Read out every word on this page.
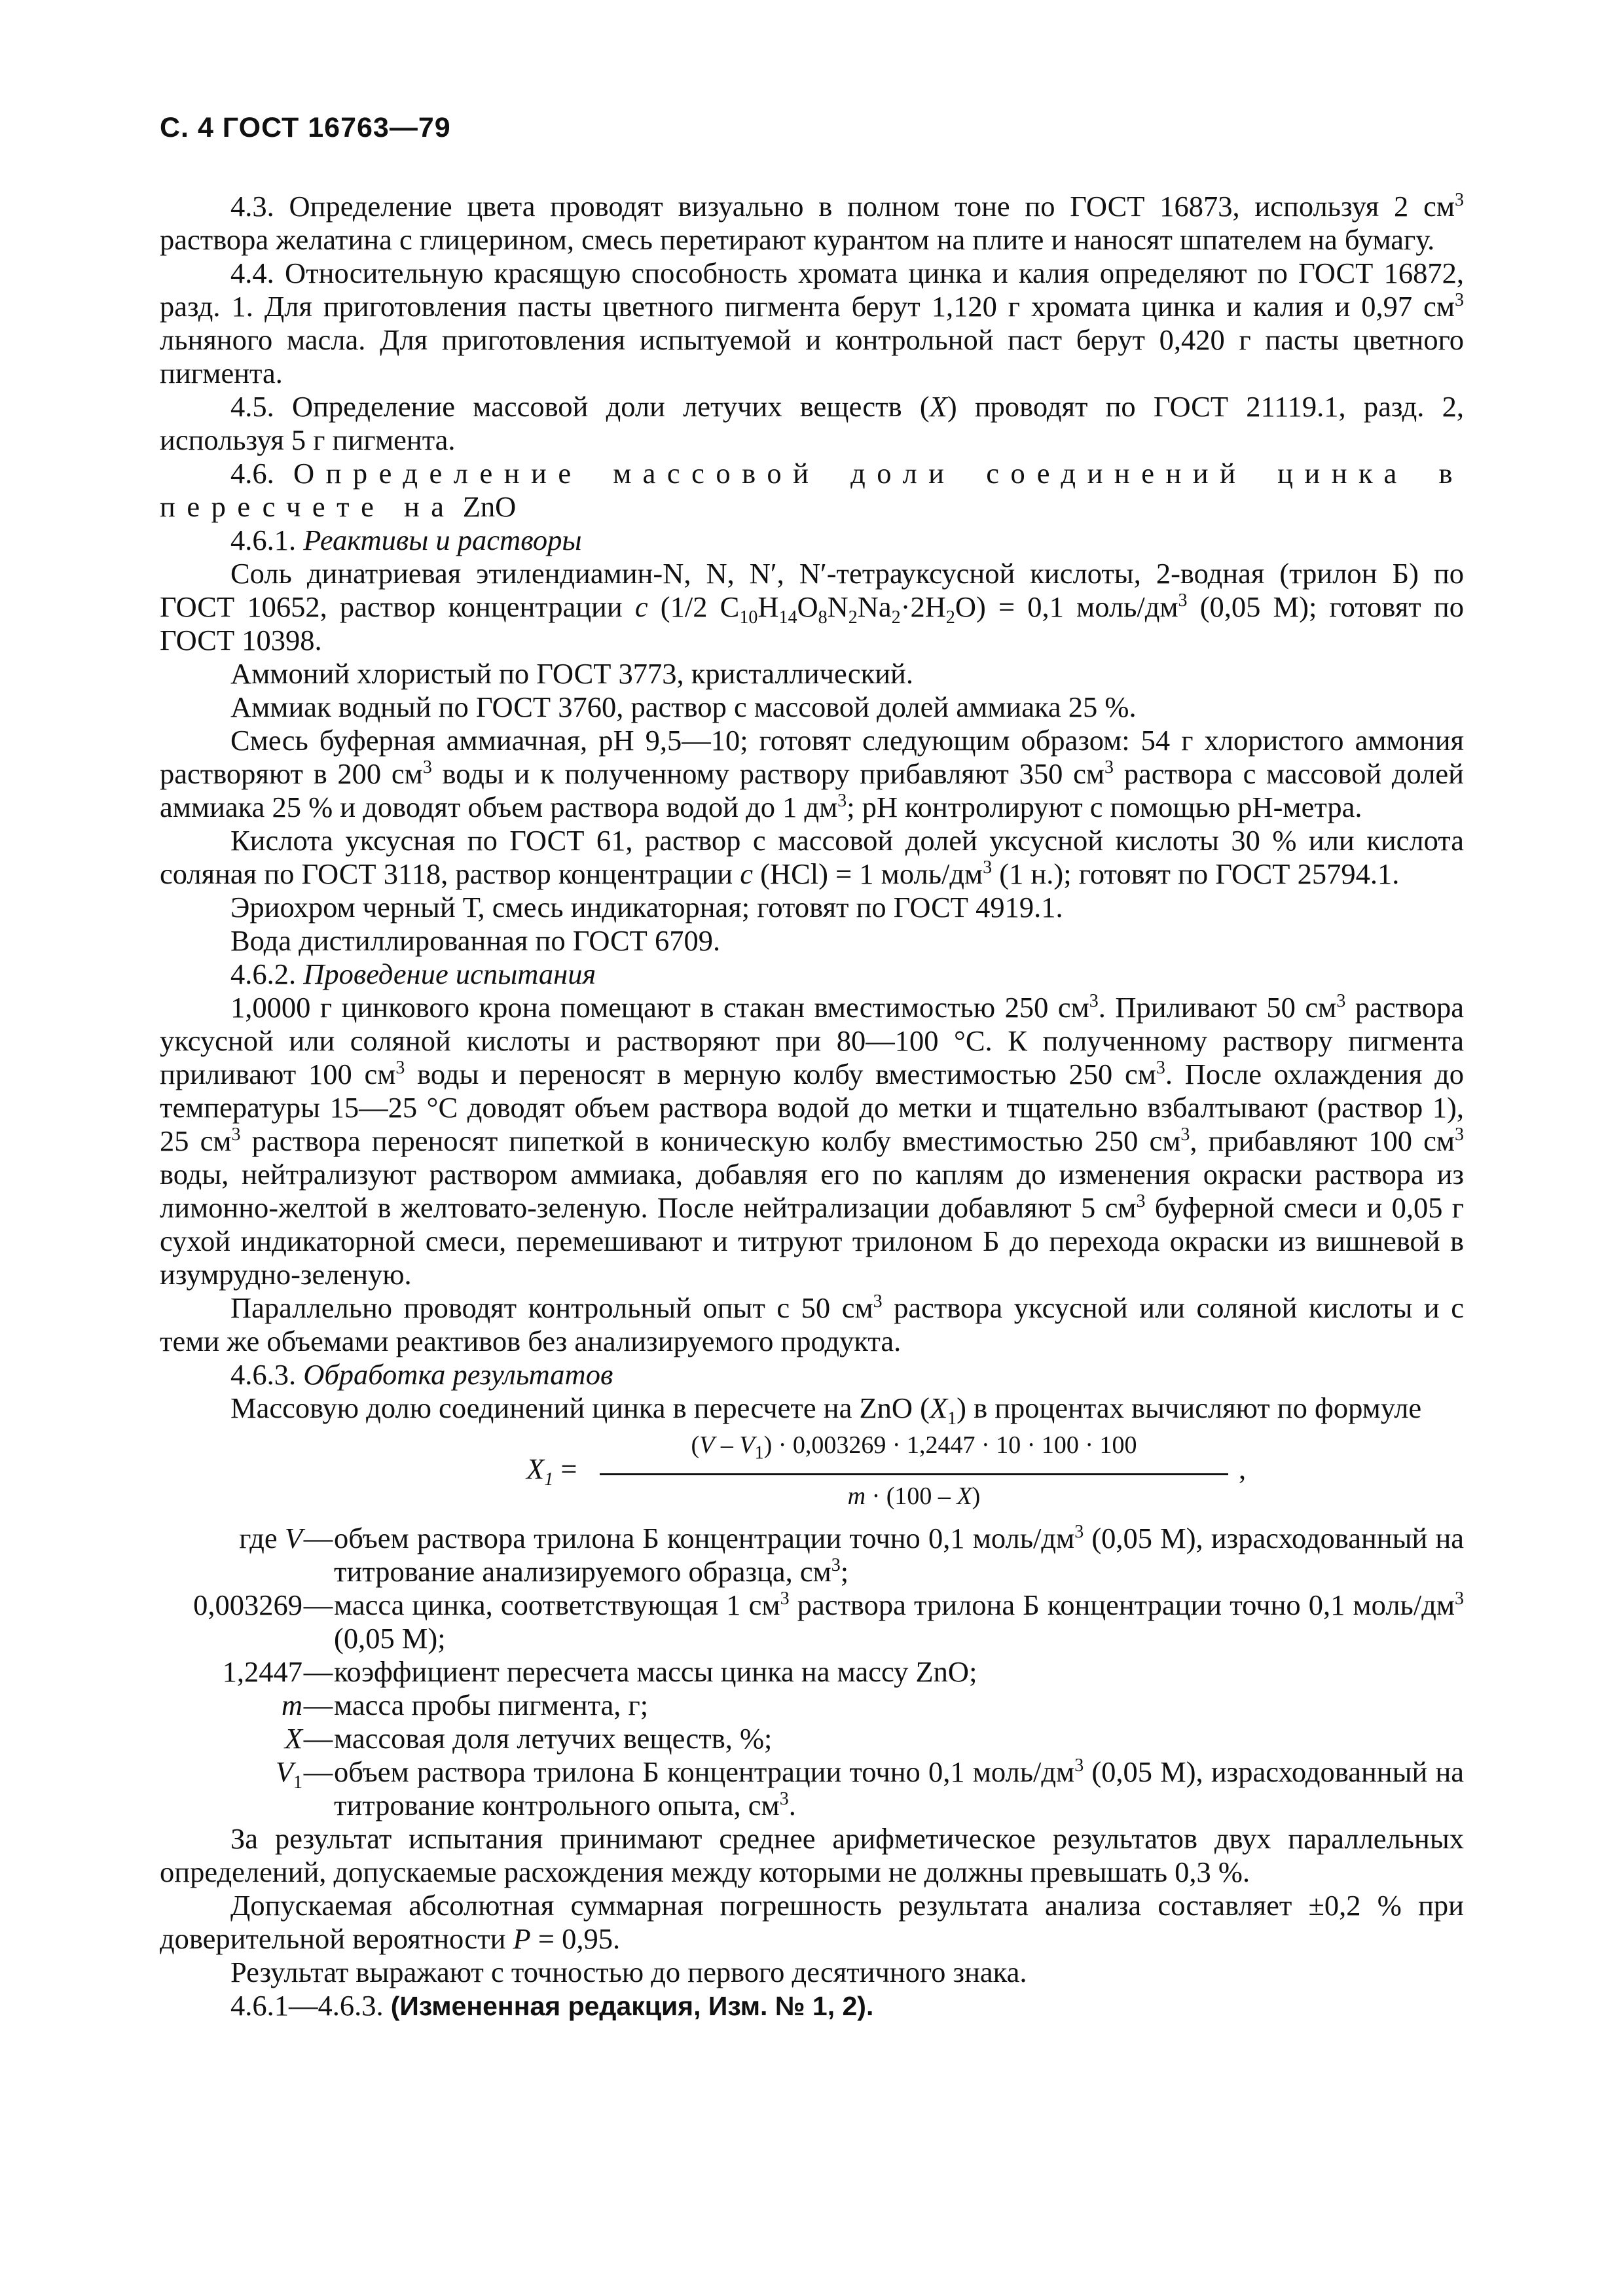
С. 4 ГОСТ 16763—79

4.3. Определение цвета проводят визуально в полном тоне по ГОСТ 16873, используя 2 $см^3$ раствора желатина с глицерином, смесь перетирают курантом на плите и наносят шпателем на бумагу.

4.4. Относительную красящую способность хромата цинка и калия определяют по ГОСТ 16872, разд. 1. Для приготовления пасты цветного пигмента берут 1,120 г хромата цинка и калия и 0,97 $см^3$ льняного масла. Для приготовления испытуемой и контрольной паст берут 0,420 г пасты цветного пигмента.

4.5. Определение массовой доли летучих веществ (X) проводят по ГОСТ 21119.1, разд. 2, используя 5 г пигмента.

4.6. Определение массовой доли соединений цинка в пересчете на ZnO

4.6.1. Реактивы и растворы

Соль динатриевая этилендиамин-N, N, N′, N′-тетрауксусной кислоты, 2-водная (трилон Б) по ГОСТ 10652, раствор концентрации c (1/2 $C_{10}H_{14}O_8N_2Na_2\cdot 2H_2O) = 0,1$ моль/$дм^3$ (0,05 М); готовят по ГОСТ 10398.

Аммоний хлористый по ГОСТ 3773, кристаллический.

Аммиак водный по ГОСТ 3760, раствор с массовой долей аммиака 25 %.

Смесь буферная аммиачная, pH 9,5—10; готовят следующим образом: 54 г хлористого аммония растворяют в 200 $см^3$ воды и к полученному раствору прибавляют 350 $см^3$ раствора с массовой долей аммиака 25 % и доводят объем раствора водой до 1 $дм^3$; pH контролируют с помощью pH-метра.

Кислота уксусная по ГОСТ 61, раствор с массовой долей уксусной кислоты 30 % или кислота соляная по ГОСТ 3118, раствор концентрации c (HCl) = 1 моль/$дм^3$ (1 н.); готовят по ГОСТ 25794.1.

Эриохром черный Т, смесь индикаторная; готовят по ГОСТ 4919.1.

Вода дистиллированная по ГОСТ 6709.

4.6.2. Проведение испытания

1,0000 г цинкового крона помещают в стакан вместимостью 250 $см^3$. Приливают 50 $см^3$ раствора уксусной или соляной кислоты и растворяют при 80—100 °С. К полученному раствору пигмента приливают 100 $см^3$ воды и переносят в мерную колбу вместимостью 250 $см^3$. После охлаждения до температуры 15—25 °С доводят объем раствора водой до метки и тщательно взбалтывают (раствор 1), 25 $см^3$ раствора переносят пипеткой в коническую колбу вместимостью 250 $см^3$, прибавляют 100 $см^3$ воды, нейтрализуют раствором аммиака, добавляя его по каплям до изменения окраски раствора из лимонно-желтой в желтовато-зеленую. После нейтрализации добавляют 5 $см^3$ буферной смеси и 0,05 г сухой индикаторной смеси, перемешивают и титруют трилоном Б до перехода окраски из вишневой в изумрудно-зеленую.

Параллельно проводят контрольный опыт с 50 $см^3$ раствора уксусной или соляной кислоты и с теми же объемами реактивов без анализируемого продукта.

4.6.3. Обработка результатов

Массовую долю соединений цинка в пересчете на ZnO $(X_1)$ в процентах вычисляют по формуле

$X_1$ =
$(V - V_1) \cdot 0,003269 \cdot 1,2447 \cdot 10 \cdot 100 \cdot 100$
m · (100 – X)
,
где V — объем раствора трилона Б концентрации точно 0,1 моль/$дм^3$ (0,05 М), израсходованный на титрование анализируемого образца, $см^3$;
0,003269 — масса цинка, соответствующая 1 $см^3$ раствора трилона Б концентрации точно 0,1 моль/$дм^3$ (0,05 М);
1,2447 — коэффициент пересчета массы цинка на массу ZnO;
m — масса пробы пигмента, г;
X — массовая доля летучих веществ, %;
$V_1$ — объем раствора трилона Б концентрации точно 0,1 моль/$дм^3$ (0,05 М), израсходованный на титрование контрольного опыта, $см^3$.

За результат испытания принимают среднее арифметическое результатов двух параллельных определений, допускаемые расхождения между которыми не должны превышать 0,3 %.

Допускаемая абсолютная суммарная погрешность результата анализа составляет ±0,2 % при доверительной вероятности P = 0,95.

Результат выражают с точностью до первого десятичного знака.

4.6.1—4.6.3. (Измененная редакция, Изм. № 1, 2).
